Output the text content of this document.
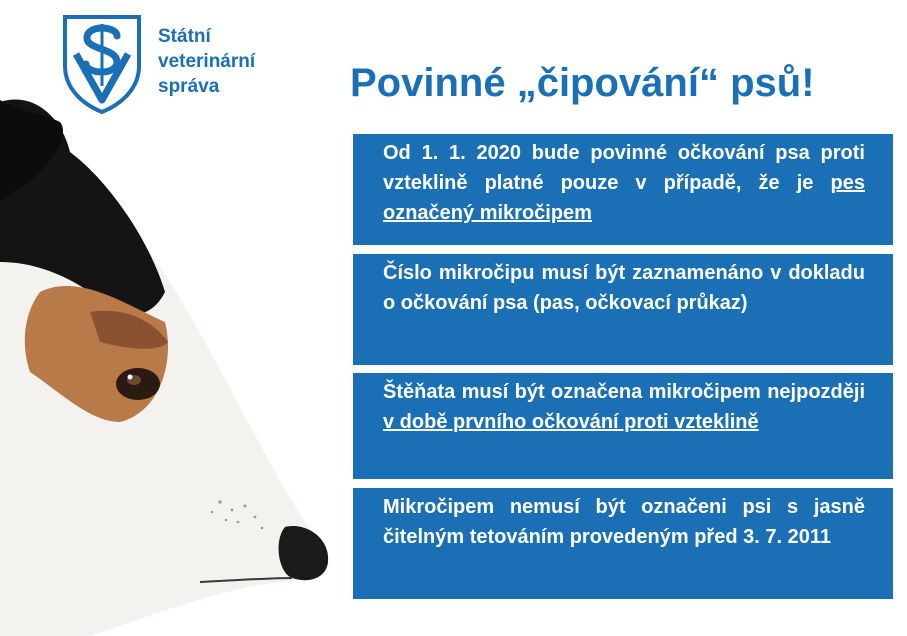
Státní
veterinární
správa	Povinné „čipování“ psů!
Od 1. 1. 2020 bude povinné očkování psa proti vzteklině platné pouze v případě, že je pes označený mikročipem
Číslo mikročipu musí být zaznamenáno v dokladu o očkování psa (pas, očkovací průkaz)
Štěňata musí být označena mikročipem nejpozději v době prvního očkování proti vzteklině
Mikročipem nemusí být označeni psi s jasně čitelným tetováním provedeným před 3. 7. 2011
